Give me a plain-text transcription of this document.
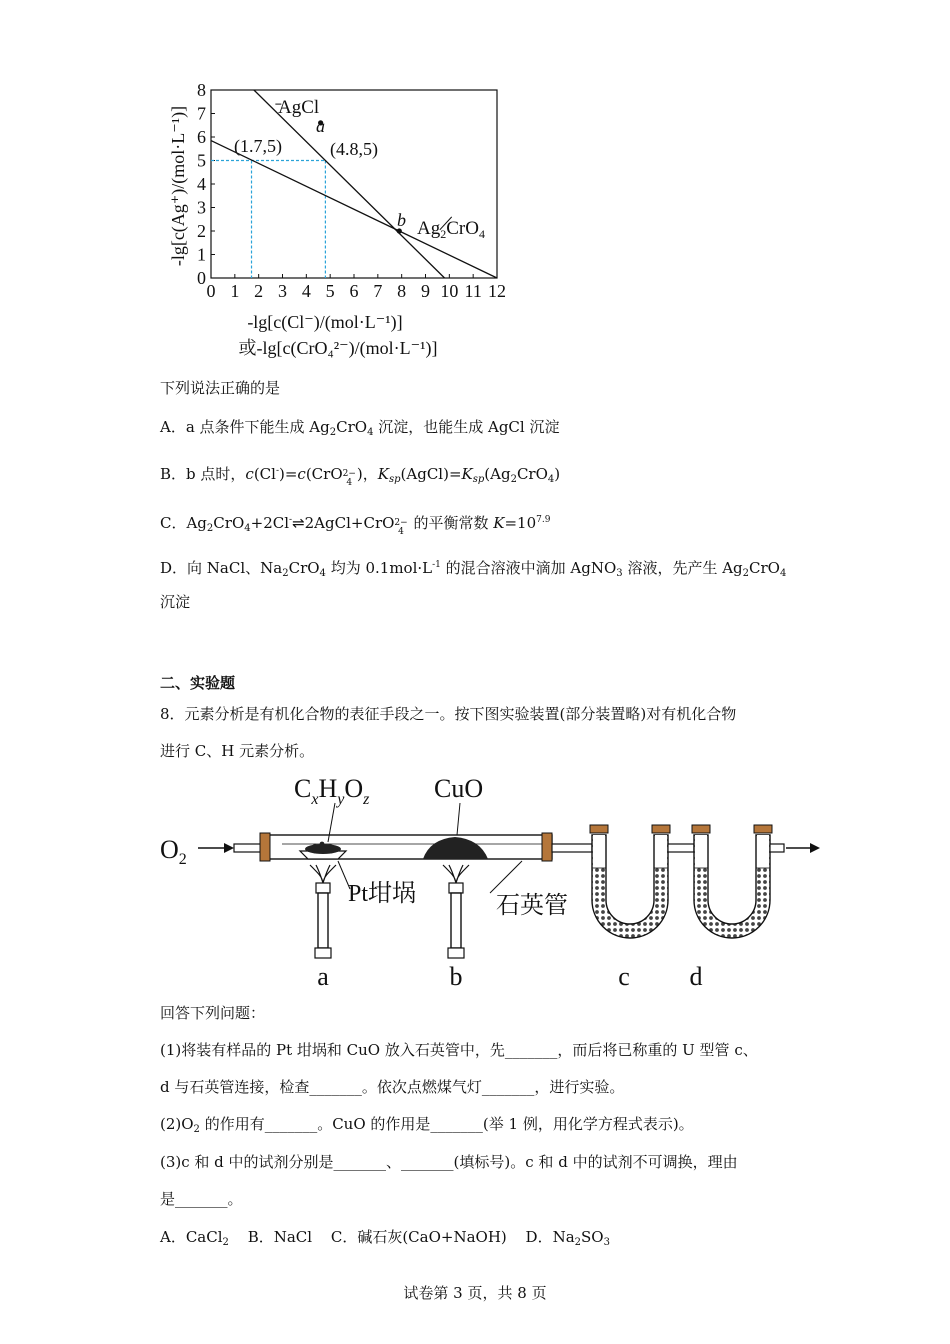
0 1 2 3 4 5 6 7 8 9 10 11 12
0
1
2
3
4
5
6
7
8
AgCl
a
(1.7,5)	(4.8,5)
b $Ag_2CrO_4$
-lg[c(Ag⁺)/(mol·L⁻¹)]
-lg[c(Cl⁻)/(mol·L⁻¹)]
或-lg[c(CrO₄²⁻)/(mol·L⁻¹)]
下列说法正确的是
A．a 点条件下能生成 $Ag_2CrO_4$ 沉淀，也能生成 AgCl 沉淀
B．b 点时，c(Cl-)=c(CrO 2−
4 )，$K_{sp}(AgCl)=K_{sp}(Ag_2CrO_4)$
C．$Ag_2CrO_4+2Cl^-\rightleftharpoons 2AgCl+CrO$ 2−
4 的平衡常数 $K=10^{7.9}$
D．向 NaCl、$Na_2CrO_4$ 均为 $0.1mol\cdot L^{-1}$ 的混合溶液中滴加 AgNO$_3$ 溶液，先产生 $Ag_2CrO_4$
沉淀
二、实验题
8．元素分析是有机化合物的表征手段之一。按下图实验装置(部分装置略)对有机化合物
进行 C、H 元素分析。
$O_2$
$C_xH_yO_z$ CuO
Pt坩埚	石英管
a	b	c d
回答下列问题：
(1)将装有样品的 Pt 坩埚和 CuO 放入石英管中，先_______，而后将已称重的 U 型管 c、
d 与石英管连接，检查_______。依次点燃煤气灯_______，进行实验。
$(2)O_2$ 的作用有_______。CuO 的作用是_______(举 1 例，用化学方程式表示)。
(3)c 和 d 中的试剂分别是_______、_______(填标号)。c 和 d 中的试剂不可调换，理由
是_______。
A．CaCl$_2$ B．NaCl C．碱石灰(CaO+NaOH) D．$Na_2SO_3$
试卷第 3 页，共 8 页
